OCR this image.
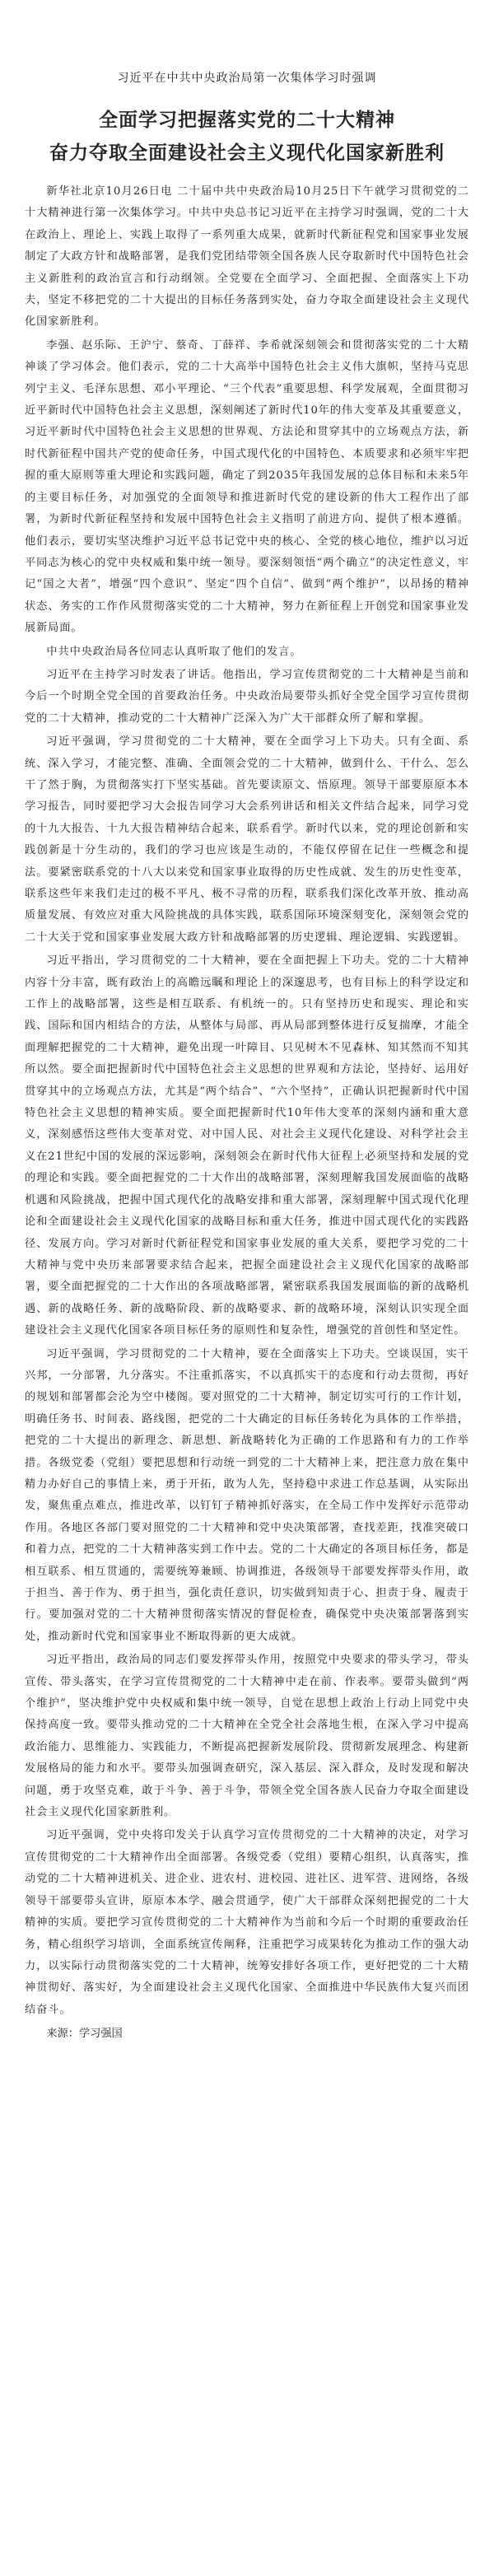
习近平在中共中央政治局第一次集体学习时强调
全面学习把握落实党的二十大精神
奋力夺取全面建设社会主义现代化国家新胜利

新华社北京10月26日电 二十届中共中央政治局10月25日下午就学习贯彻党的二十大精神进行第一次集体学习。中共中央总书记习近平在主持学习时强调，党的二十大在政治上、理论上、实践上取得了一系列重大成果，就新时代新征程党和国家事业发展制定了大政方针和战略部署，是我们党团结带领全国各族人民夺取新时代中国特色社会主义新胜利的政治宣言和行动纲领。全党要在全面学习、全面把握、全面落实上下功夫，坚定不移把党的二十大提出的目标任务落到实处，奋力夺取全面建设社会主义现代化国家新胜利。

李强、赵乐际、王沪宁、蔡奇、丁薛祥、李希就深刻领会和贯彻落实党的二十大精神谈了学习体会。他们表示，党的二十大高举中国特色社会主义伟大旗帜，坚持马克思列宁主义、毛泽东思想、邓小平理论、“三个代表”重要思想、科学发展观，全面贯彻习近平新时代中国特色社会主义思想，深刻阐述了新时代10年的伟大变革及其重要意义，习近平新时代中国特色社会主义思想的世界观、方法论和贯穿其中的立场观点方法，新时代新征程中国共产党的使命任务，中国式现代化的中国特色、本质要求和必须牢牢把握的重大原则等重大理论和实践问题，确定了到2035年我国发展的总体目标和未来5年的主要目标任务，对加强党的全面领导和推进新时代党的建设新的伟大工程作出了部署，为新时代新征程坚持和发展中国特色社会主义指明了前进方向、提供了根本遵循。他们表示，要切实坚决维护习近平总书记党中央的核心、全党的核心地位，维护以习近平同志为核心的党中央权威和集中统一领导。要深刻领悟“两个确立”的决定性意义，牢记“国之大者”，增强“四个意识”、坚定“四个自信”、做到“两个维护”，以昂扬的精神状态、务实的工作作风贯彻落实党的二十大精神，努力在新征程上开创党和国家事业发展新局面。

中共中央政治局各位同志认真听取了他们的发言。

习近平在主持学习时发表了讲话。他指出，学习宣传贯彻党的二十大精神是当前和今后一个时期全党全国的首要政治任务。中央政治局要带头抓好全党全国学习宣传贯彻党的二十大精神，推动党的二十大精神广泛深入为广大干部群众所了解和掌握。

习近平强调，学习贯彻党的二十大精神，要在全面学习上下功夫。只有全面、系统、深入学习，才能完整、准确、全面领会党的二十大精神，做到什么、干什么、怎么干了然于胸，为贯彻落实打下坚实基础。首先要读原文、悟原理。领导干部要原原本本学习报告，同时要把学习大会报告同学习大会系列讲话和相关文件结合起来，同学习党的十九大报告、十九大报告精神结合起来，联系看学。新时代以来，党的理论创新和实践创新是十分生动的，我们的学习也应该是生动的，不能仅停留在记住一些概念和提法。要紧密联系党的十八大以来党和国家事业取得的历史性成就、发生的历史性变革，联系这些年来我们走过的极不平凡、极不寻常的历程，联系我们深化改革开放、推动高质量发展、有效应对重大风险挑战的具体实践，联系国际环境深刻变化，深刻领会党的二十大关于党和国家事业发展大政方针和战略部署的历史逻辑、理论逻辑、实践逻辑。

习近平指出，学习贯彻党的二十大精神，要在全面把握上下功夫。党的二十大精神内容十分丰富，既有政治上的高瞻远瞩和理论上的深邃思考，也有目标上的科学设定和工作上的战略部署，这些是相互联系、有机统一的。只有坚持历史和现实、理论和实践、国际和国内相结合的方法，从整体与局部、再从局部到整体进行反复揣摩，才能全面理解把握党的二十大精神，避免出现一叶障目、只见树木不见森林、知其然而不知其所以然。要全面把握新时代中国特色社会主义思想的世界观和方法论，坚持好、运用好贯穿其中的立场观点方法，尤其是“两个结合”、“六个坚持”，正确认识把握新时代中国特色社会主义思想的精神实质。要全面把握新时代10年伟大变革的深刻内涵和重大意义，深刻感悟这些伟大变革对党、对中国人民、对社会主义现代化建设、对科学社会主义在21世纪中国的发展的深远影响，深刻领会在新时代伟大征程上必须坚持和发展的党的理论和实践。要全面把握党的二十大作出的战略部署，深刻理解我国发展面临的战略机遇和风险挑战，把握中国式现代化的战略安排和重大部署，深刻理解中国式现代化理论和全面建设社会主义现代化国家的战略目标和重大任务，推进中国式现代化的实践路径、发展方向。学习对新时代新征程党和国家事业发展的重大关系，要把学习党的二十大精神与党中央历来部署要求结合起来，把握全面建设社会主义现代化国家的战略部署，要全面把握党的二十大作出的各项战略部署，紧密联系我国发展面临的新的战略机遇、新的战略任务、新的战略阶段、新的战略要求、新的战略环境，深刻认识实现全面建设社会主义现代化国家各项目标任务的原则性和复杂性，增强党的首创性和坚定性。

习近平强调，学习贯彻党的二十大精神，要在全面落实上下功夫。空谈误国，实干兴邦，一分部署，九分落实。不注重抓落实，不以真抓实干的态度和行动去贯彻，再好的规划和部署都会沦为空中楼阁。要对照党的二十大精神，制定切实可行的工作计划，明确任务书、时间表、路线图，把党的二十大确定的目标任务转化为具体的工作举措，把党的二十大提出的新理念、新思想、新战略转化为正确的工作思路和有力的工作举措。各级党委（党组）要把思想和行动统一到党的二十大精神上来，把注意力放在集中精力办好自己的事情上来，勇于开拓，敢为人先，坚持稳中求进工作总基调，从实际出发，聚焦重点难点，推进改革，以钉钉子精神抓好落实，在全局工作中发挥好示范带动作用。各地区各部门要对照党的二十大精神和党中央决策部署，查找差距，找准突破口和着力点，把党的二十大精神落实到工作中去。党的二十大确定的各项目标任务，都是相互联系、相互贯通的，需要统筹兼顾、协调推进，各级领导干部要发挥带头作用，敢于担当、善于作为、勇于担当，强化责任意识，切实做到知责于心、担责于身、履责于行。要加强对党的二十大精神贯彻落实情况的督促检查，确保党中央决策部署落到实处，推动新时代党和国家事业不断取得新的更大成就。

习近平指出，政治局的同志们要发挥带头作用，按照党中央要求的带头学习，带头宣传、带头落实，在学习宣传贯彻党的二十大精神中走在前、作表率。要带头做到“两个维护”，坚决维护党中央权威和集中统一领导，自觉在思想上政治上行动上同党中央保持高度一致。要带头推动党的二十大精神在全党全社会落地生根，在深入学习中提高政治能力、思维能力、实践能力，不断提高把握新发展阶段、贯彻新发展理念、构建新发展格局的能力和水平。要带头加强调查研究，深入基层、深入群众，及时发现和解决问题，勇于攻坚克难，敢于斗争、善于斗争，带领全党全国各族人民奋力夺取全面建设社会主义现代化国家新胜利。

习近平强调，党中央将印发关于认真学习宣传贯彻党的二十大精神的决定，对学习宣传贯彻党的二十大精神作出全面部署。各级党委（党组）要精心组织，认真落实，推动党的二十大精神进机关、进企业、进农村、进校园、进社区、进军营、进网络，各级领导干部要带头宣讲，原原本本学、融会贯通学，使广大干部群众深刻把握党的二十大精神的实质。要把学习宣传贯彻党的二十大精神作为当前和今后一个时期的重要政治任务，精心组织学习培训，全面系统宣传阐释，注重把学习成果转化为推动工作的强大动力，以实际行动贯彻落实党的二十大精神，统筹安排好各项工作，更好把党的二十大精神贯彻好、落实好，为全面建设社会主义现代化国家、全面推进中华民族伟大复兴而团结奋斗。

来源：学习强国
